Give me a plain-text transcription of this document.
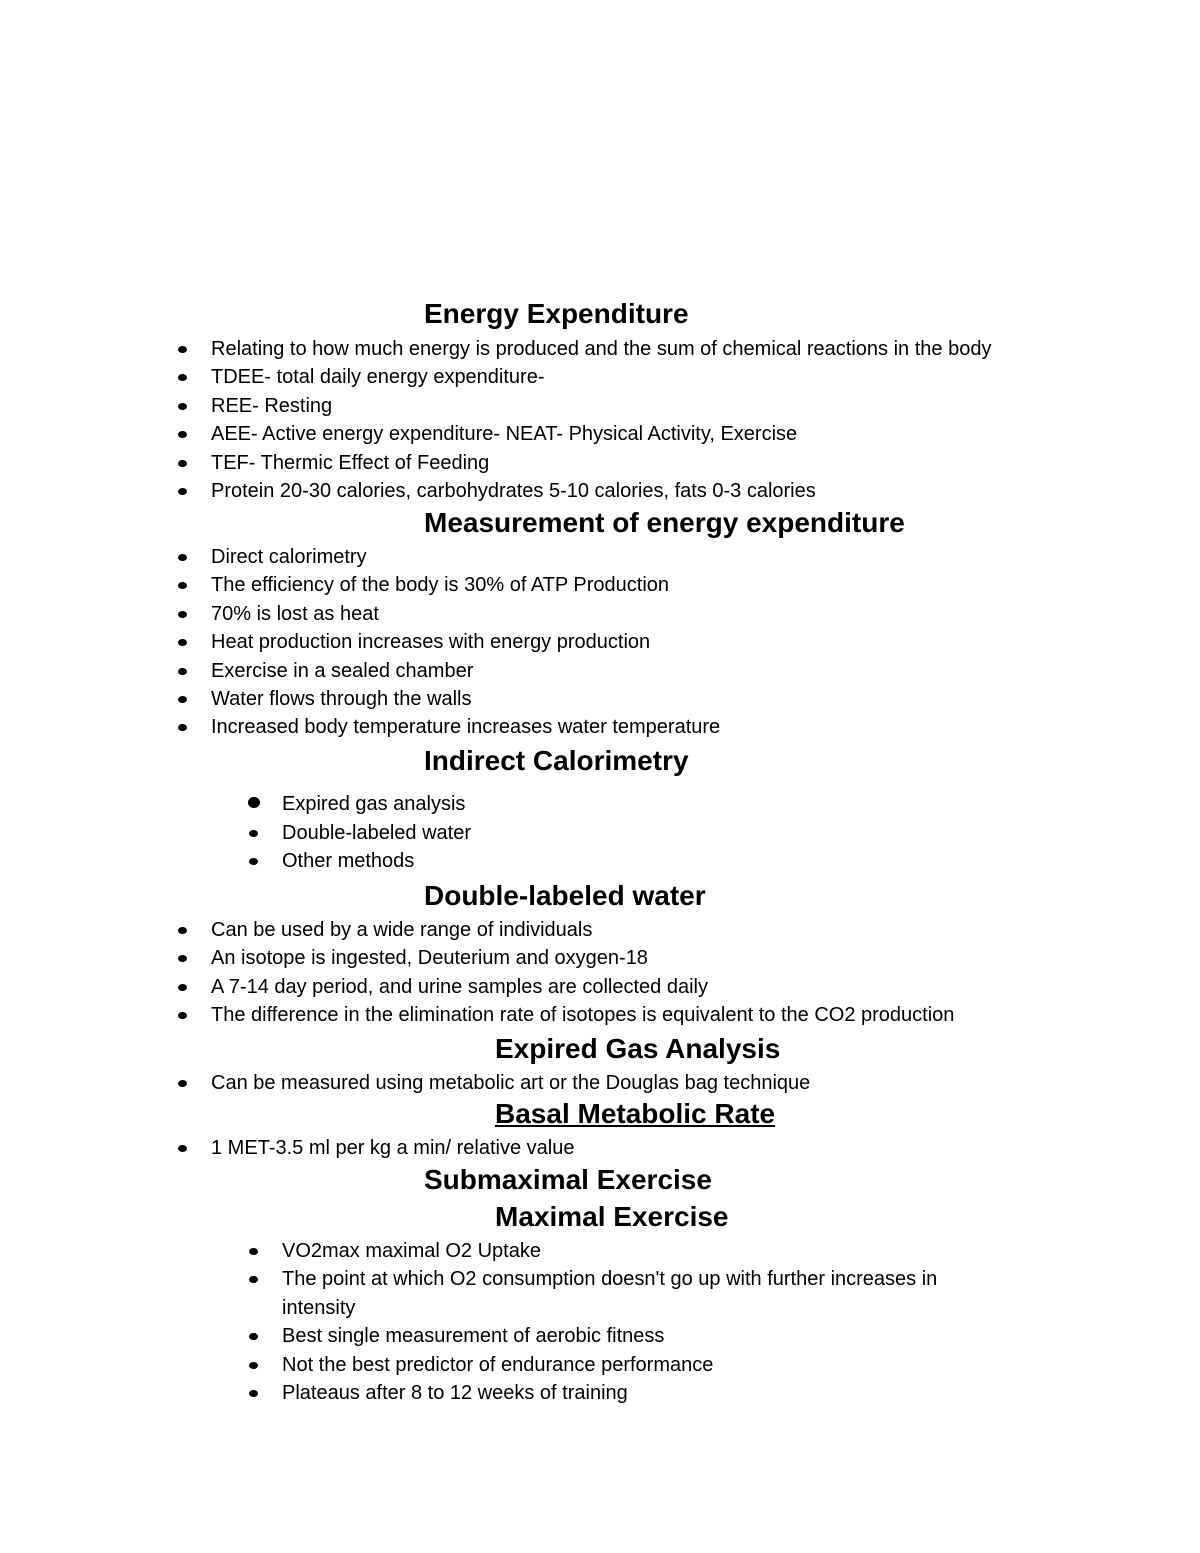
Energy Expenditure
Relating to how much energy is produced and the sum of chemical reactions in the body
TDEE- total daily energy expenditure-
REE- Resting
AEE- Active energy expenditure- NEAT- Physical Activity, Exercise
TEF- Thermic Effect of Feeding
Protein 20-30 calories, carbohydrates 5-10 calories, fats 0-3 calories
Measurement of energy expenditure
Direct calorimetry
The efficiency of the body is 30% of ATP Production
70% is lost as heat
Heat production increases with energy production
Exercise in a sealed chamber
Water flows through the walls
Increased body temperature increases water temperature
Indirect Calorimetry
Expired gas analysis
Double-labeled water
Other methods
Double-labeled water
Can be used by a wide range of individuals
An isotope is ingested, Deuterium and oxygen-18
A 7-14 day period, and urine samples are collected daily
The difference in the elimination rate of isotopes is equivalent to the CO2 production
Expired Gas Analysis
Can be measured using metabolic art or the Douglas bag technique
Basal Metabolic Rate
1 MET-3.5 ml per kg a min/ relative value
Submaximal Exercise
Maximal Exercise
VO2max maximal O2 Uptake
The point at which O2 consumption doesn't go up with further increases in intensity
Best single measurement of aerobic fitness
Not the best predictor of endurance performance
Plateaus after 8 to 12 weeks of training
